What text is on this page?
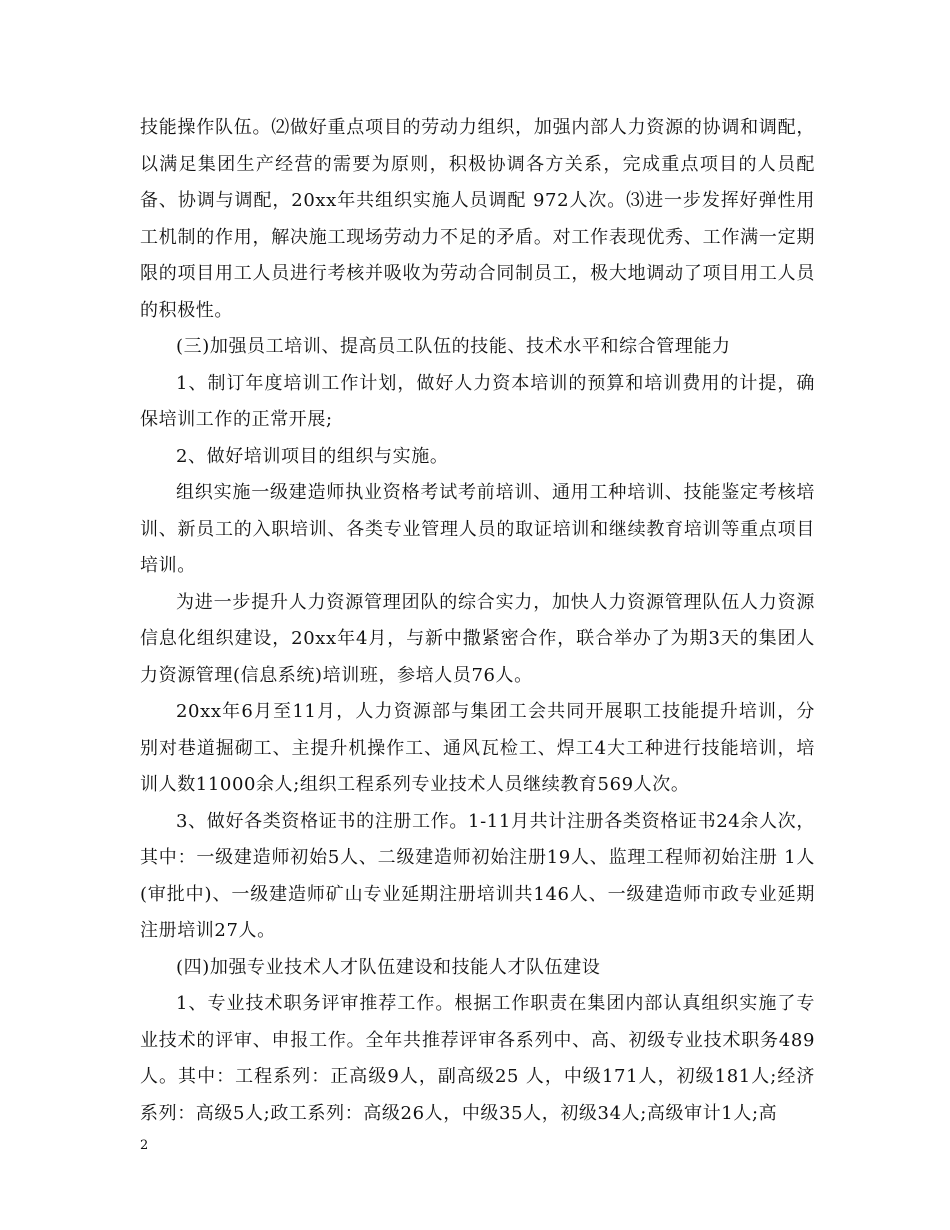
技能操作队伍。⑵做好重点项目的劳动力组织，加强内部人力资源的协调和调配，以满足集团生产经营的需要为原则，积极协调各方关系，完成重点项目的人员配备、协调与调配，20xx年共组织实施人员调配 972人次。⑶进一步发挥好弹性用工机制的作用，解决施工现场劳动力不足的矛盾。对工作表现优秀、工作满一定期限的项目用工人员进行考核并吸收为劳动合同制员工，极大地调动了项目用工人员的积极性。

(三)加强员工培训、提高员工队伍的技能、技术水平和综合管理能力

1、制订年度培训工作计划，做好人力资本培训的预算和培训费用的计提，确保培训工作的正常开展;

2、做好培训项目的组织与实施。

组织实施一级建造师执业资格考试考前培训、通用工种培训、技能鉴定考核培训、新员工的入职培训、各类专业管理人员的取证培训和继续教育培训等重点项目培训。

为进一步提升人力资源管理团队的综合实力，加快人力资源管理队伍人力资源信息化组织建设，20xx年4月，与新中撒紧密合作，联合举办了为期3天的集团人力资源管理(信息系统)培训班，参培人员76人。

20xx年6月至11月，人力资源部与集团工会共同开展职工技能提升培训，分别对巷道掘砌工、主提升机操作工、通风瓦检工、焊工4大工种进行技能培训，培训人数11000余人;组织工程系列专业技术人员继续教育569人次。

3、做好各类资格证书的注册工作。1-11月共计注册各类资格证书24余人次，其中：一级建造师初始5人、二级建造师初始注册19人、监理工程师初始注册 1人(审批中)、一级建造师矿山专业延期注册培训共146人、一级建造师市政专业延期注册培训27人。

(四)加强专业技术人才队伍建设和技能人才队伍建设

1、专业技术职务评审推荐工作。根据工作职责在集团内部认真组织实施了专业技术的评审、申报工作。全年共推荐评审各系列中、高、初级专业技术职务489人。其中：工程系列：正高级9人，副高级25 人，中级171人，初级181人;经济系列：高级5人;政工系列：高级26人，中级35人，初级34人;高级审计1人;高

2
